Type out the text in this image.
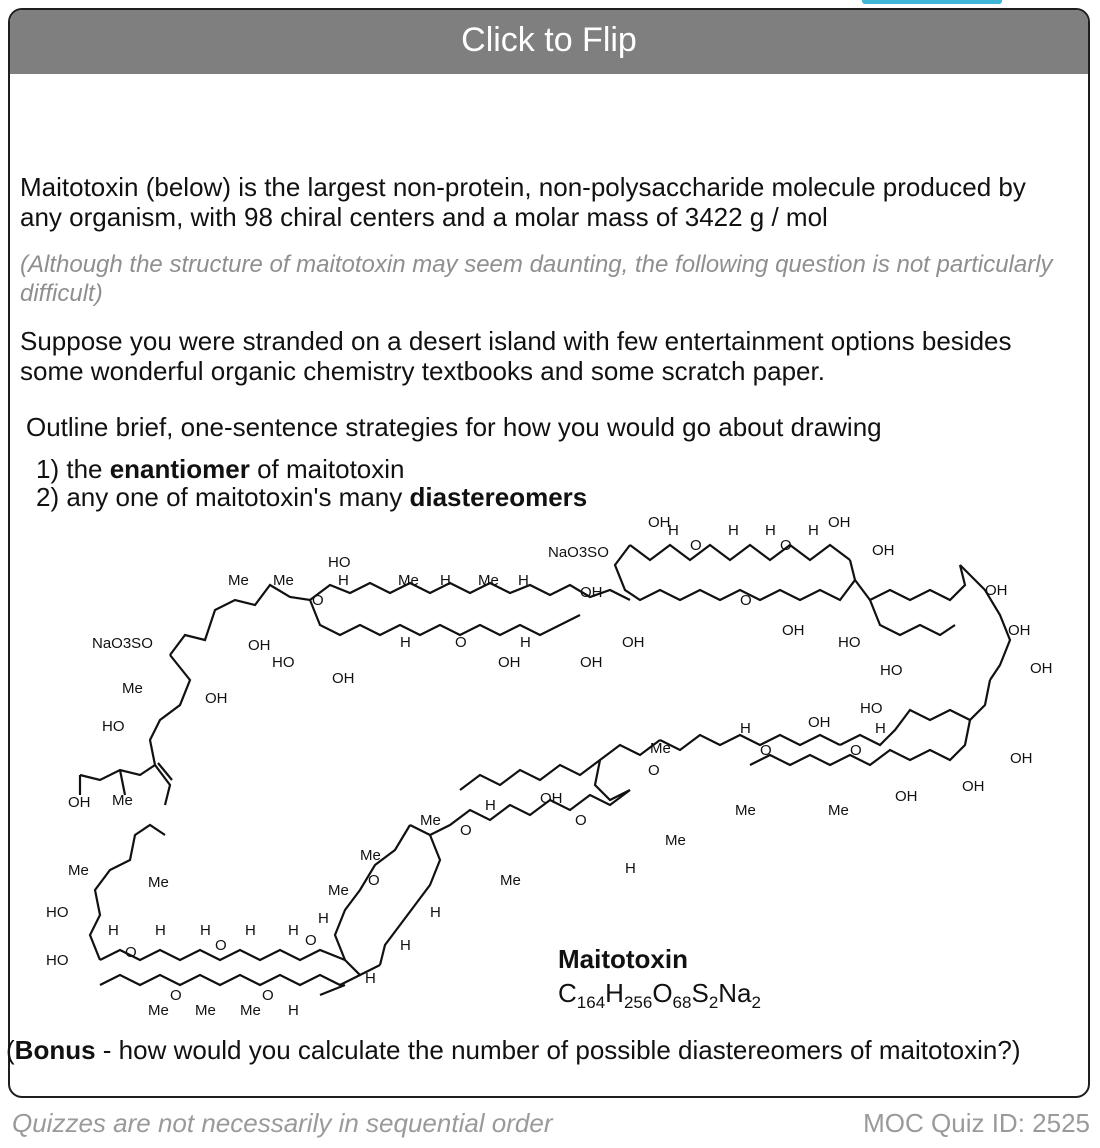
Click to Flip

Maitotoxin (below) is the largest non-protein, non-polysaccharide molecule produced by any organism, with 98 chiral centers and a molar mass of 3422 g / mol

(Although the structure of maitotoxin may seem daunting, the following question is not particularly difficult)

Suppose you were stranded on a desert island with few entertainment options besides some wonderful organic chemistry textbooks and some scratch paper.

Outline brief, one-sentence strategies for how you would go about drawing

1) the enantiomer of maitotoxin

2) any one of maitotoxin's many diastereomers

NaO3SO
NaO3SO
Me Me	Me	Me
Me
Me
Me
Me
Me
Me
Me	Me
Me
Me
Me
Me
Me Me Me
HO
HO
HO
HO
HO
HO
HO
HO
OH	OH
OH
OH	OH
OH
OH
OH
OH
OH	OH
OH
OH
OH
OH	OH
OH
OH
OH
OH
O
O
O	O
O
O	O
O
O
O
O
O
O	O
O	O
H	H	H
H	H
H	H H H
H	H
H
H
H
H
H
H
H H H H H
H
Maitotoxin
$C_{164}H_{256}O_{68}S_2Na_2$

(Bonus - how would you calculate the number of possible diastereomers of maitotoxin?)

Quizzes are not necessarily in sequential order	MOC Quiz ID: 2525
